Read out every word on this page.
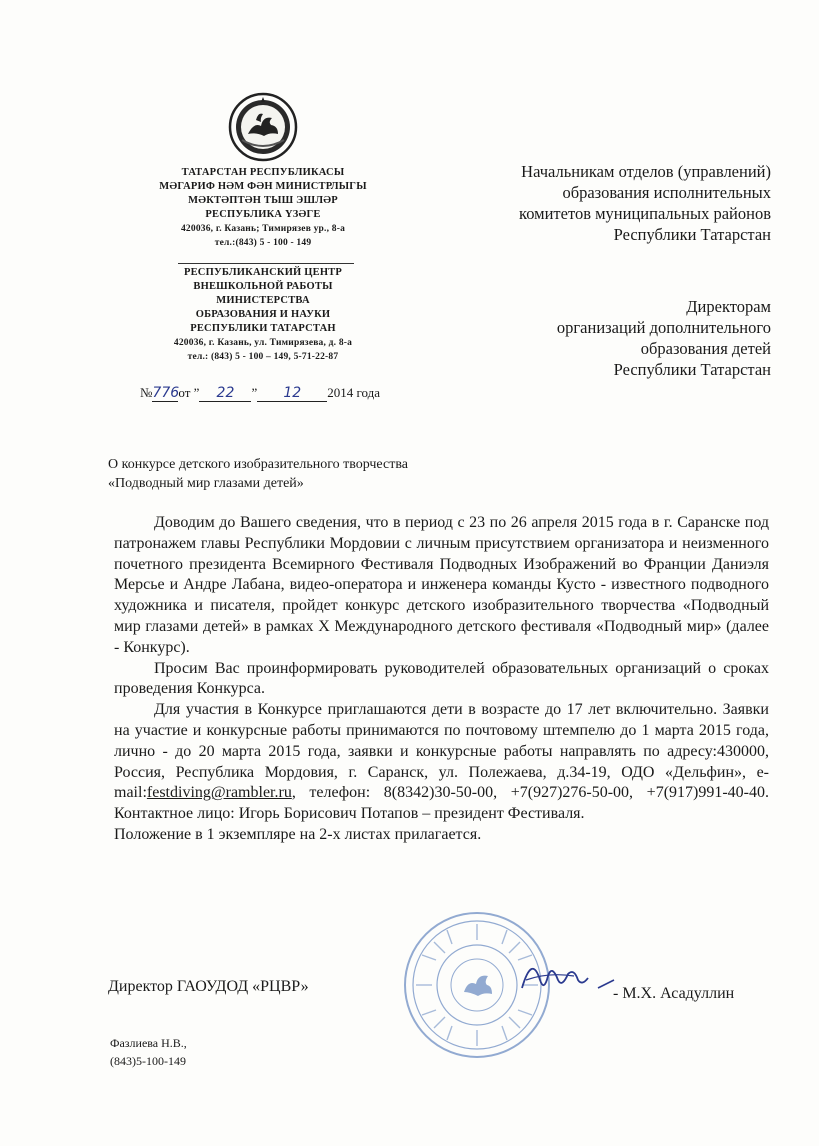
ТАТАРСТАН РЕСПУБЛИКАСЫ
МӘГАРИФ НӘМ ФӘН МИНИСТРЛЫГЫ
МӘКТӘПТӘН ТЫШ ЭШЛӘР
РЕСПУБЛИКА ҮЗӘГЕ
420036, г. Казань; Тимирязев ур., 8-а
тел.:(843) 5 - 100 - 149
РЕСПУБЛИКАНСКИЙ ЦЕНТР
ВНЕШКОЛЬНОЙ РАБОТЫ
МИНИСТЕРСТВА
ОБРАЗОВАНИЯ И НАУКИ
РЕСПУБЛИКИ ТАТАРСТАН
420036, г. Казань, ул. Тимирязева, д. 8-а
тел.: (843) 5 - 100 – 149, 5-71-22-87
№776от ” 22 ” 12 2014 года
Начальникам отделов (управлений)
образования исполнительных
комитетов муниципальных районов
Республики Татарстан
Директорам
организаций дополнительного
образования детей
Республики Татарстан
О конкурсе детского изобразительного творчества
«Подводный мир глазами детей»

Доводим до Вашего сведения, что в период с 23 по 26 апреля 2015 года в г. Саранске под патронажем главы Республики Мордовии с личным присутствием организатора и неизменного почетного президента Всемирного Фестиваля Подводных Изображений во Франции Даниэля Мерсье и Андре Лабана, видео-оператора и инженера команды Кусто - известного подводного художника и писателя, пройдет конкурс детского изобразительного творчества «Подводный мир глазами детей» в рамках X Международного детского фестиваля «Подводный мир» (далее - Конкурс).

Просим Вас проинформировать руководителей образовательных организаций о сроках проведения Конкурса.

Для участия в Конкурсе приглашаются дети в возрасте до 17 лет включительно. Заявки на участие и конкурсные работы принимаются по почтовому штемпелю до 1 марта 2015 года, лично - до 20 марта 2015 года, заявки и конкурсные работы направлять по адресу:430000, Россия, Республика Мордовия, г. Саранск, ул. Полежаева, д.34-19, ОДО «Дельфин», e-mail:festdiving@rambler.ru, телефон: 8(8342)30-50-00, +7(927)276-50-00, +7(917)991-40-40. Контактное лицо: Игорь Борисович Потапов – президент Фестиваля.

Положение в 1 экземпляре на 2-х листах прилагается.

Директор ГАОУДОД «РЦВР»	- М.Х. Асадуллин
Фазлиева Н.В.,
(843)5-100-149
